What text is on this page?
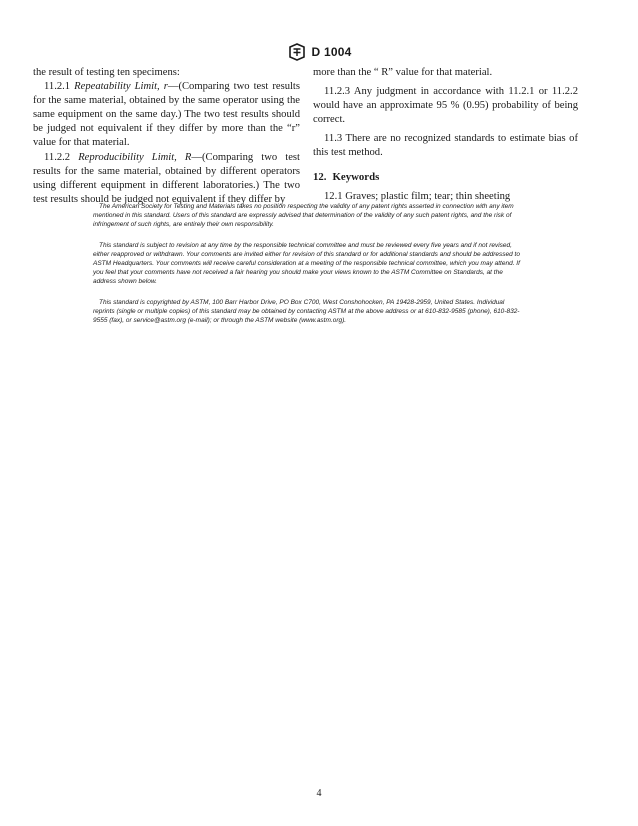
D 1004

the result of testing ten specimens:

11.2.1 Repeatability Limit, r—(Comparing two test results for the same material, obtained by the same operator using the same equipment on the same day.) The two test results should be judged not equivalent if they differ by more than the “r” value for that material.

11.2.2 Reproducibility Limit, R—(Comparing two test results for the same material, obtained by different operators using different equipment in different laboratories.) The two test results should be judged not equivalent if they differ by

more than the “ R” value for that material.

11.2.3 Any judgment in accordance with 11.2.1 or 11.2.2 would have an approximate 95 % (0.95) probability of being correct.

11.3 There are no recognized standards to estimate bias of this test method.

12. Keywords

12.1 Graves; plastic film; tear; thin sheeting

The American Society for Testing and Materials takes no position respecting the validity of any patent rights asserted in connection with any item mentioned in this standard. Users of this standard are expressly advised that determination of the validity of any such patent rights, and the risk of infringement of such rights, are entirely their own responsibility.

This standard is subject to revision at any time by the responsible technical committee and must be reviewed every five years and if not revised, either reapproved or withdrawn. Your comments are invited either for revision of this standard or for additional standards and should be addressed to ASTM Headquarters. Your comments will receive careful consideration at a meeting of the responsible technical committee, which you may attend. If you feel that your comments have not received a fair hearing you should make your views known to the ASTM Committee on Standards, at the address shown below.

This standard is copyrighted by ASTM, 100 Barr Harbor Drive, PO Box C700, West Conshohocken, PA 19428-2959, United States. Individual reprints (single or multiple copies) of this standard may be obtained by contacting ASTM at the above address or at 610-832-9585 (phone), 610-832-9555 (fax), or service@astm.org (e-mail); or through the ASTM website (www.astm.org).

4
